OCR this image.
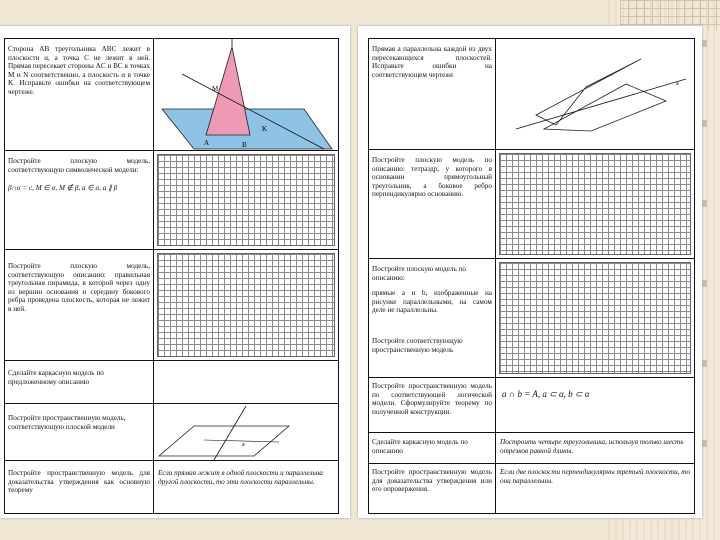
Сторона AB треугольника ABC лежит в плоскости α, а точка C не лежит в ней. Прямая пересекает стороны AC и BC в точках M и N соответственно, а плоскость α в точке K. Исправьте ошибки на соответствующем чертеже.	M
K
B
A
Постройте плоскую модель, соответствующую символической модели:
β∩α = c, M ∈ α, M ∉ β, a ∈ α, a ∥ β
Постройте плоскую модель, соответствующую описанию: правильная треугольная пирамида, в которой через одну из вершин основания и середину бокового ребра проведена плоскость, которая не лежит в ней.
Сделайте каркасную модель по предложенному описанию
Постройте пространственную модель, соответствующую плоской модели
a
Постройте пространственную модель для доказательства утверждения как основную теорему
Если прямая лежит в одной плоскости и параллельна другой плоскости, то эти плоскости параллельны.
Прямая a параллельна каждой из двух пересекающихся плоскостей. Исправьте ошибки на соответствующем чертеже
a
Постройте плоскую модель по описанию: тетраэдр, у которого в основании прямоугольный треугольник, а боковое ребро перпендикулярно основанию.
Постройте плоскую модель по описанию:
прямые a и b, изображенные на рисунке параллельными, на самом деле не параллельны.
Постройте соответствующую пространственную модель
Постройте пространственную модель по соответствующей логической модели. Сформулируйте теорему по полученной конструкции.
a ∩ b = A, a ⊂ α, b ⊂ α
Сделайте каркасную модель по описанию
Построить четыре треугольника, используя только шесть отрезков равной длины.
Постройте пространственную модель для доказательства утверждения или его опровержения.
Если две плоскости перпендикулярны третьей плоскости, то они параллельны.
